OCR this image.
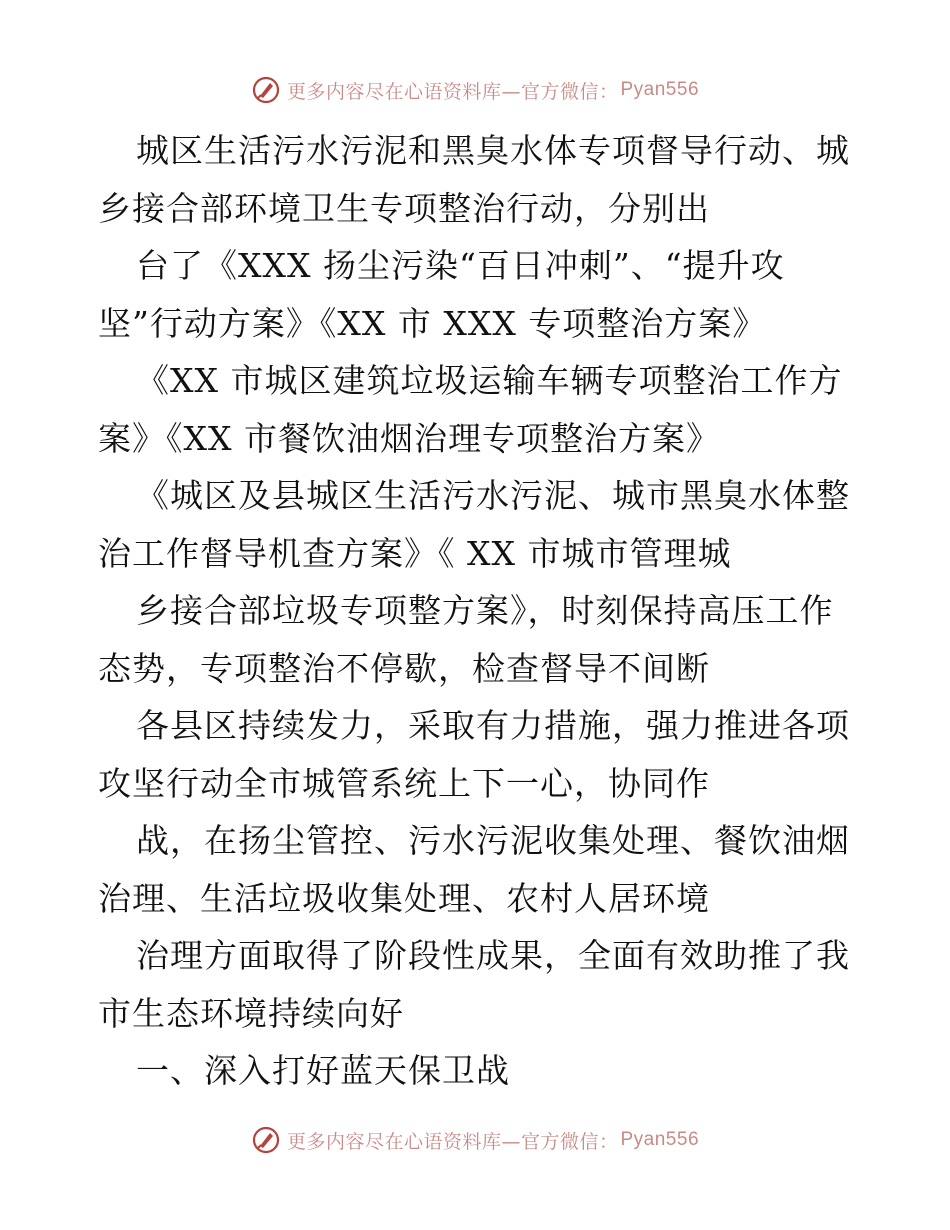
更多内容尽在心语资料库—官方微信： Pyan556
城区生活污水污泥和黑臭水体专项督导行动、城
乡接合部环境卫生专项整治行动，分别出
台了《XXX 扬尘污染“百日冲刺”、“提升攻
坚”行动方案》《XX 市 XXX 专项整治方案》
《XX 市城区建筑垃圾运输车辆专项整治工作方
案》《XX 市餐饮油烟治理专项整治方案》
《城区及县城区生活污水污泥、城市黑臭水体整
治工作督导机查方案》《 XX 市城市管理城
乡接合部垃圾专项整方案》，时刻保持高压工作
态势，专项整治不停歇，检查督导不间断
各县区持续发力，采取有力措施，强力推进各项
攻坚行动全市城管系统上下一心，协同作
战，在扬尘管控、污水污泥收集处理、餐饮油烟
治理、生活垃圾收集处理、农村人居环境
治理方面取得了阶段性成果，全面有效助推了我
市生态环境持续向好
一、深入打好蓝天保卫战
更多内容尽在心语资料库—官方微信： Pyan556
